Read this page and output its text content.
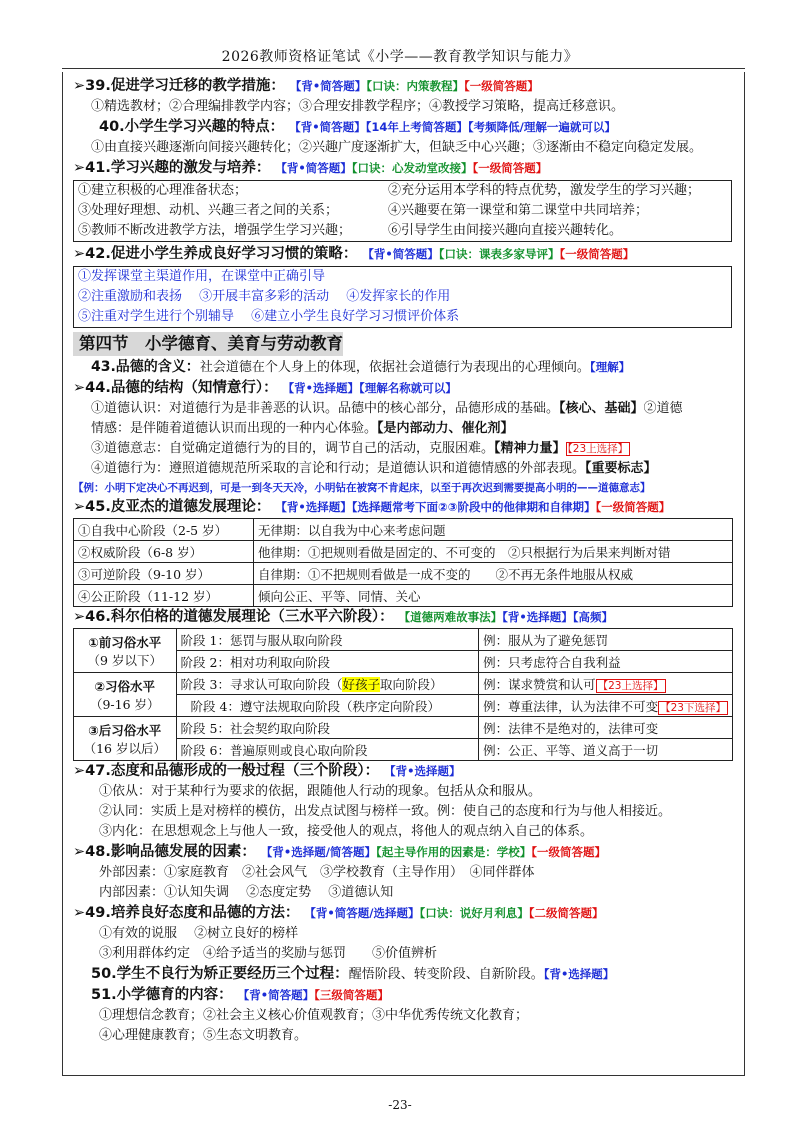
2026教师资格证笔试《小学——教育教学知识与能力》
➢39.促进学习迁移的教学措施： 【背•简答题】【口诀：内策教程】【一级简答题】
①精选教材；②合理编排教学内容；③合理安排教学程序；④教授学习策略，提高迁移意识。
40.小学生学习兴趣的特点： 【背•简答题】【14年上考简答题】【考频降低/理解一遍就可以】
①由直接兴趣逐渐向间接兴趣转化；②兴趣广度逐渐扩大，但缺乏中心兴趣；③逐渐由不稳定向稳定发展。
➢41.学习兴趣的激发与培养： 【背•简答题】【口诀：心发动堂改接】【一级简答题】
①建立积极的心理准备状态；	②充分运用本学科的特点优势，激发学生的学习兴趣；
③处理好理想、动机、兴趣三者之间的关系；	④兴趣要在第一课堂和第二课堂中共同培养；
⑤教师不断改进教学方法，增强学生学习兴趣；	⑥引导学生由间接兴趣向直接兴趣转化。
➢42.促进小学生养成良好学习习惯的策略： 【背•简答题】【口诀：课表多家导评】【一级简答题】
①发挥课堂主渠道作用，在课堂中正确引导
②注重激励和表扬　 ③开展丰富多彩的活动　 ④发挥家长的作用
⑤注重对学生进行个别辅导　 ⑥建立小学生良好学习习惯评价体系
第四节　小学德育、美育与劳动教育
43.品德的含义：社会道德在个人身上的体现，依据社会道德行为表现出的心理倾向。【理解】
➢44.品德的结构（知情意行）： 【背•选择题】【理解名称就可以】
①道德认识：对道德行为是非善恶的认识。品德中的核心部分，品德形成的基础。【核心、基础】②道德
情感：是伴随着道德认识而出现的一种内心体验。【是内部动力、催化剂】
③道德意志：自觉确定道德行为的目的，调节自己的活动，克服困难。【精神力量】 【23上选择】
④道德行为：遵照道德规范所采取的言论和行动；是道德认识和道德情感的外部表现。【重要标志】
【例：小明下定决心不再迟到，可是一到冬天天冷，小明钻在被窝不肯起床，以至于再次迟到需要提高小明的——道德意志】
➢45.皮亚杰的道德发展理论： 【背•选择题】【选择题常考下面②③阶段中的他律期和自律期】【一级简答题】
①自我中心阶段（2-5 岁）	无律期：以自我为中心来考虑问题
②权威阶段（6-8 岁）	他律期：①把规则看做是固定的、不可变的　②只根据行为后果来判断对错
③可逆阶段（9-10 岁）	自律期：①不把规则看做是一成不变的　　②不再无条件地服从权威
④公正阶段（11-12 岁）	倾向公正、平等、同情、关心
➢46.科尔伯格的道德发展理论（三水平六阶段）： 【道德两难故事法】【背•选择题】【高频】
①前习俗水平
（9 岁以下）	阶段 1：惩罚与服从取向阶段	例：服从为了避免惩罚
	阶段 2：相对功利取向阶段	例：只考虑符合自我利益
②习俗水平
（9-16 岁）	阶段 3：寻求认可取向阶段（好孩子取向阶段）	例：谋求赞赏和认可 【23上选择】
	阶段 4：遵守法规取向阶段（秩序定向阶段）	例：尊重法律，认为法律不可变 【23下选择】
③后习俗水平
（16 岁以后）	阶段 5：社会契约取向阶段	例：法律不是绝对的，法律可变
	阶段 6：普遍原则或良心取向阶段	例：公正、平等、道义高于一切
➢47.态度和品德形成的一般过程（三个阶段）： 【背•选择题】
①依从：对于某种行为要求的依据，跟随他人行动的现象。包括从众和服从。
②认同：实质上是对榜样的模仿，出发点试图与榜样一致。例：使自己的态度和行为与他人相接近。
③内化：在思想观念上与他人一致，接受他人的观点，将他人的观点纳入自己的体系。
➢48.影响品德发展的因素： 【背•选择题/简答题】【起主导作用的因素是：学校】【一级简答题】
外部因素：①家庭教育　②社会风气　③学校教育（主导作用）　④同伴群体
内部因素：①认知失调　 ②态度定势　 ③道德认知
➢49.培养良好态度和品德的方法： 【背•简答题/选择题】【口诀：说好月利息】【二级简答题】
①有效的说服　 ②树立良好的榜样
③利用群体约定　④给予适当的奖励与惩罚　　⑤价值辨析
50.学生不良行为矫正要经历三个过程：醒悟阶段、转变阶段、自新阶段。【背•选择题】
51.小学德育的内容： 【背•简答题】【三级简答题】
①理想信念教育；②社会主义核心价值观教育；③中华优秀传统文化教育；
④心理健康教育；⑤生态文明教育。
-23-
